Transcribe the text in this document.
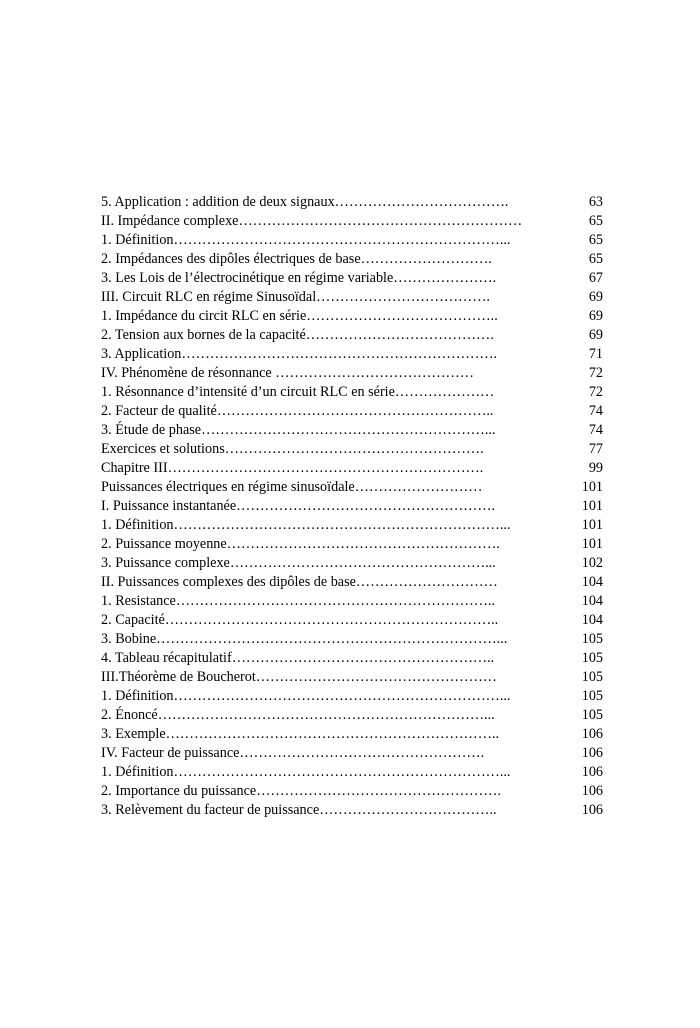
5. Application : addition de deux signaux……………………………….	63
II. Impédance complexe……………………………………………………	65
1. Définition……………………………………………………………...	65
2. Impédances des dipôles électriques de base……………………….	65
3. Les Lois de l’électrocinétique en régime variable………………….	67
III. Circuit RLC en régime Sinusoïdal……………………………….	69
1. Impédance du circit RLC en série…………………………………..	69
2. Tension aux bornes de la capacité………………………………….	69
3. Application………………………………………………………….	71
IV. Phénomène de résonnance ……………………………………	72
1. Résonnance d’intensité d’un circuit RLC en série…………………	72
2. Facteur de qualité…………………………………………………..	74
3. Étude de phase……………………………………………………...	74
Exercices et solutions……………………………………………….	77
Chapitre III………………………………………………………….	99
Puissances électriques en régime sinusoïdale………………………	101
I. Puissance instantanée……………………………………………….	101
1. Définition……………………………………………………………...	101
2. Puissance moyenne………………………………………………….	101
3. Puissance complexe………………………………………………...	102
II. Puissances complexes des dipôles de base…………………………	104
1. Resistance…………………………………………………………..	104
2. Capacité……………………………………………………………..	104
3. Bobine………………………………………………………………...	105
4. Tableau récapitulatif………………………………………………..	105
III.Théorème de Boucherot……………………………………………	105
1. Définition……………………………………………………………...	105
2. Énoncé……………………………………………………………...	105
3. Exemple……………………………………………………………..	106
IV. Facteur de puissance…………………………………………….	106
1. Définition……………………………………………………………...	106
2. Importance du puissance…………………………………………….	106
3. Relèvement du facteur de puissance………………………………..	106
